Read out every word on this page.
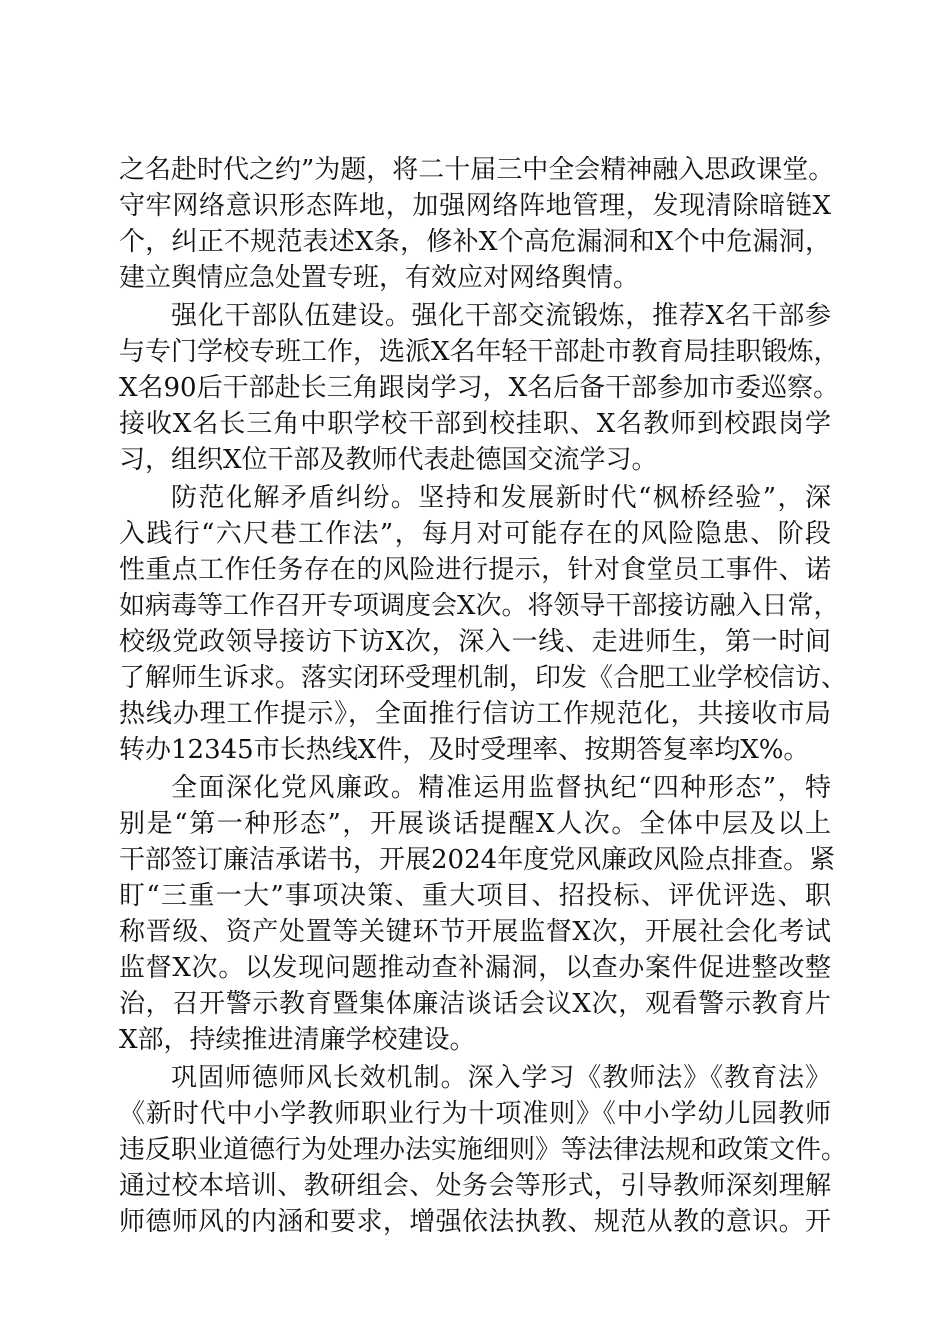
之名赴时代之约”为题，将二十届三中全会精神融入思政课堂。
守牢网络意识形态阵地，加强网络阵地管理，发现清除暗链X
个，纠正不规范表述X条，修补X个高危漏洞和X个中危漏洞，
建立舆情应急处置专班，有效应对网络舆情。
强化干部队伍建设。强化干部交流锻炼，推荐X名干部参
与专门学校专班工作，选派X名年轻干部赴市教育局挂职锻炼，
X名90后干部赴长三角跟岗学习，X名后备干部参加市委巡察。
接收X名长三角中职学校干部到校挂职、X名教师到校跟岗学
习，组织X位干部及教师代表赴德国交流学习。
防范化解矛盾纠纷。坚持和发展新时代“枫桥经验”，深
入践行“六尺巷工作法”，每月对可能存在的风险隐患、阶段
性重点工作任务存在的风险进行提示，针对食堂员工事件、诺
如病毒等工作召开专项调度会X次。将领导干部接访融入日常，
校级党政领导接访下访X次，深入一线、走进师生，第一时间
了解师生诉求。落实闭环受理机制，印发《合肥工业学校信访、
热线办理工作提示》，全面推行信访工作规范化，共接收市局
转办12345市长热线X件，及时受理率、按期答复率均X%。
全面深化党风廉政。精准运用监督执纪“四种形态”，特
别是“第一种形态”，开展谈话提醒X人次。全体中层及以上
干部签订廉洁承诺书，开展2024年度党风廉政风险点排查。紧
盯“三重一大”事项决策、重大项目、招投标、评优评选、职
称晋级、资产处置等关键环节开展监督X次，开展社会化考试
监督X次。以发现问题推动查补漏洞，以查办案件促进整改整
治，召开警示教育暨集体廉洁谈话会议X次，观看警示教育片
X部，持续推进清廉学校建设。
巩固师德师风长效机制。深入学习《教师法》《教育法》
《新时代中小学教师职业行为十项准则》《中小学幼儿园教师
违反职业道德行为处理办法实施细则》等法律法规和政策文件。
通过校本培训、教研组会、处务会等形式，引导教师深刻理解
师德师风的内涵和要求，增强依法执教、规范从教的意识。开
